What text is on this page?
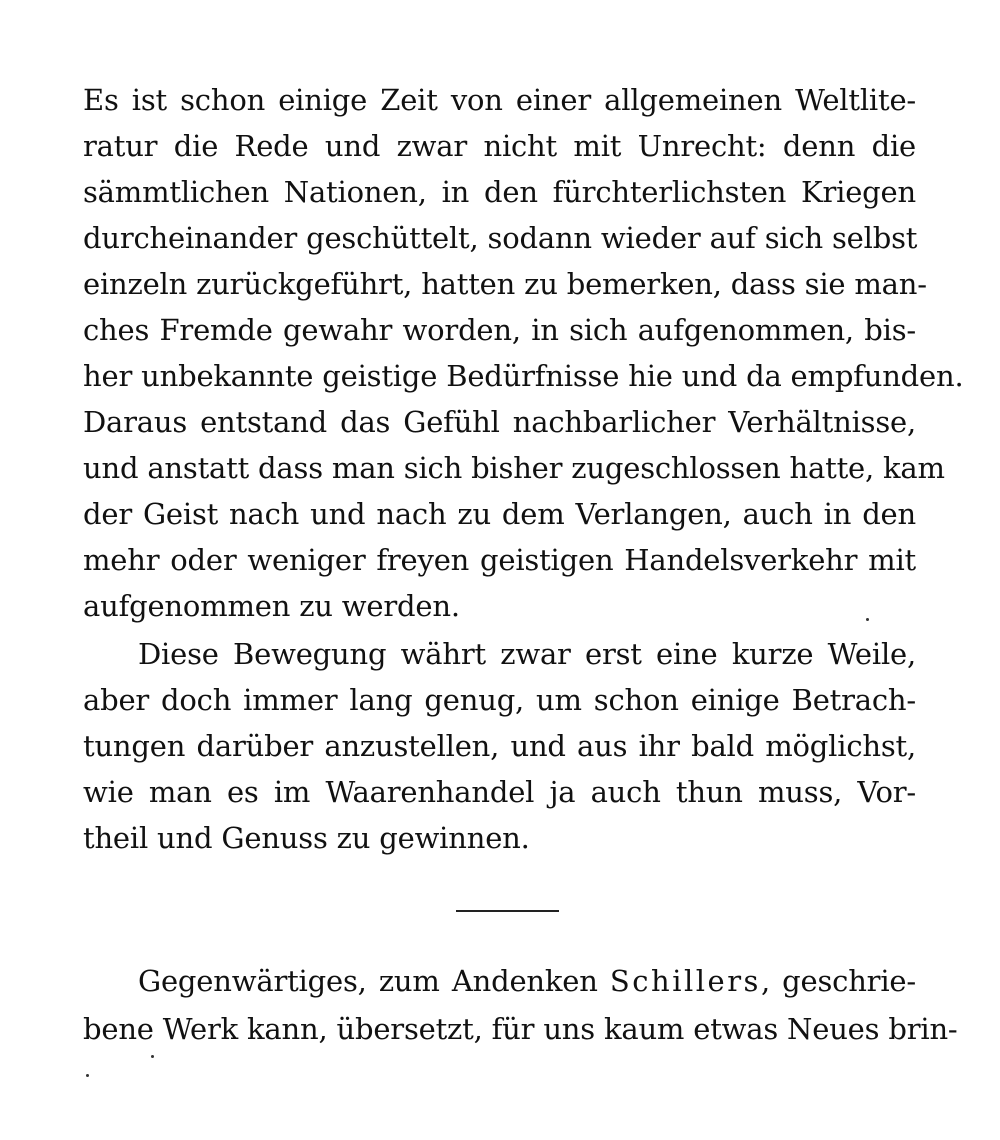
Es ist schon einige Zeit von einer allgemeinen Weltlite-
ratur die Rede und zwar nicht mit Unrecht: denn die
sämmtlichen Nationen, in den fürchterlichsten Kriegen
durcheinander geschüttelt, sodann wieder auf sich selbst
einzeln zurückgeführt, hatten zu bemerken, dass sie man-
ches Fremde gewahr worden, in sich aufgenommen, bis-
her unbekannte geistige Bedürfnisse hie und da empfunden.
Daraus entstand das Gefühl nachbarlicher Verhältnisse,
und anstatt dass man sich bisher zugeschlossen hatte, kam
der Geist nach und nach zu dem Verlangen, auch in den
mehr oder weniger freyen geistigen Handelsverkehr mit
aufgenommen zu werden.
Diese Bewegung währt zwar erst eine kurze Weile,
aber doch immer lang genug, um schon einige Betrach-
tungen darüber anzustellen, und aus ihr bald möglichst,
wie man es im Waarenhandel ja auch thun muss, Vor-
theil und Genuss zu gewinnen.
Gegenwärtiges, zum Andenken Schillers, geschrie-
bene Werk kann, übersetzt, für uns kaum etwas Neues brin-
